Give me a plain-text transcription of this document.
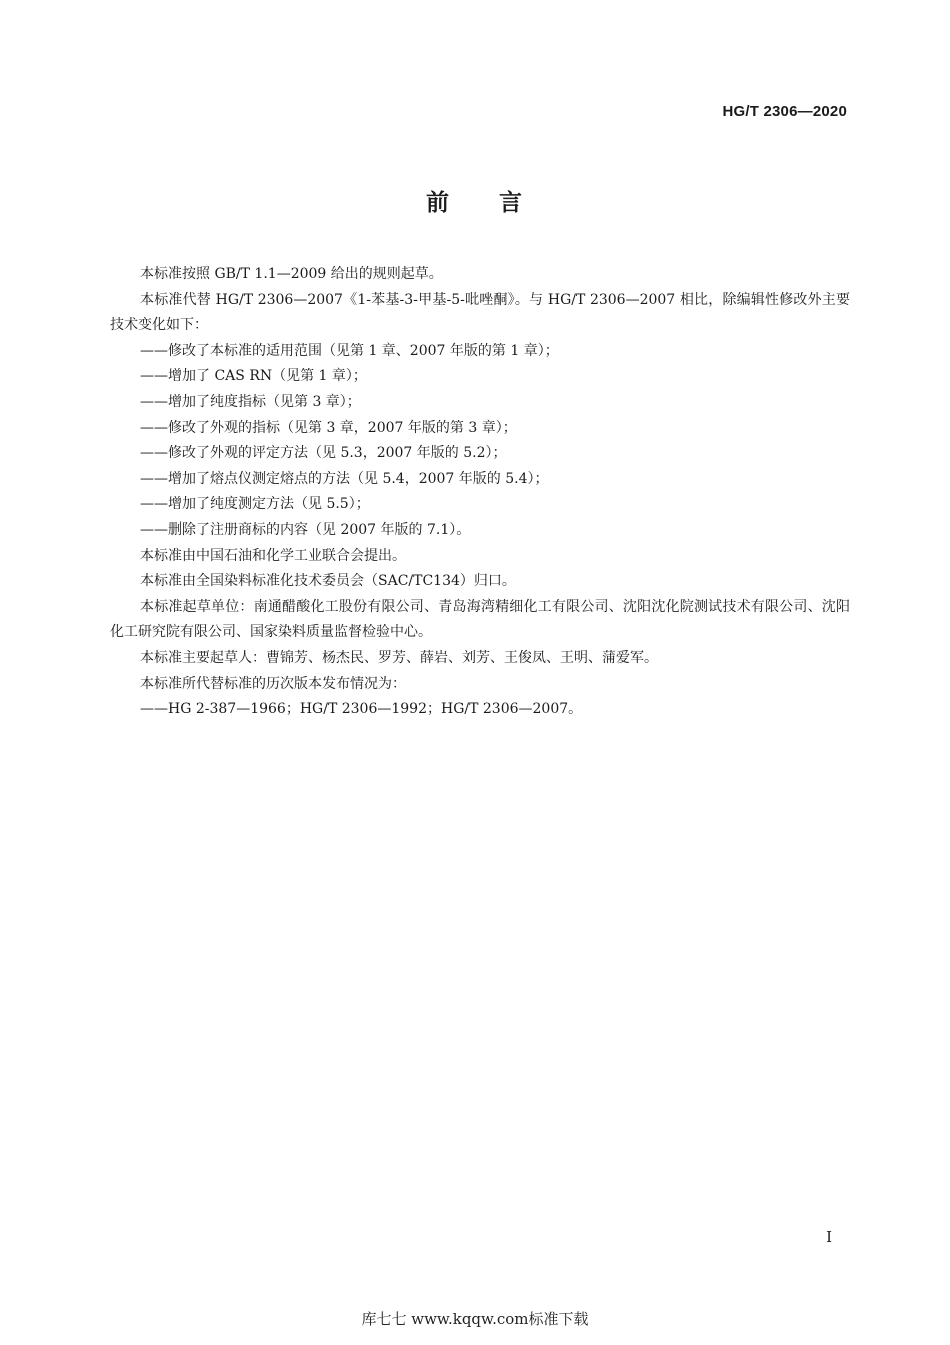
HG/T 2306—2020
前 言

本标准按照 GB/T 1.1—2009 给出的规则起草。

本标准代替 HG/T 2306—2007《1-苯基-3-甲基-5-吡唑酮》。与 HG/T 2306—2007 相比，除编辑性修改外主要技术变化如下：

——修改了本标准的适用范围（见第 1 章、2007 年版的第 1 章）；

——增加了 CAS RN（见第 1 章）；

——增加了纯度指标（见第 3 章）；

——修改了外观的指标（见第 3 章，2007 年版的第 3 章）；

——修改了外观的评定方法（见 5.3，2007 年版的 5.2）；

——增加了熔点仪测定熔点的方法（见 5.4，2007 年版的 5.4）；

——增加了纯度测定方法（见 5.5）；

——删除了注册商标的内容（见 2007 年版的 7.1）。

本标准由中国石油和化学工业联合会提出。

本标准由全国染料标准化技术委员会（SAC/TC134）归口。

本标准起草单位：南通醋酸化工股份有限公司、青岛海湾精细化工有限公司、沈阳沈化院测试技术有限公司、沈阳化工研究院有限公司、国家染料质量监督检验中心。

本标准主要起草人：曹锦芳、杨杰民、罗芳、薛岩、刘芳、王俊凤、王明、蒲爱军。

本标准所代替标准的历次版本发布情况为：

——HG 2-387—1966；HG/T 2306—1992；HG/T 2306—2007。

I
库七七 www.kqqw.com标准下载
